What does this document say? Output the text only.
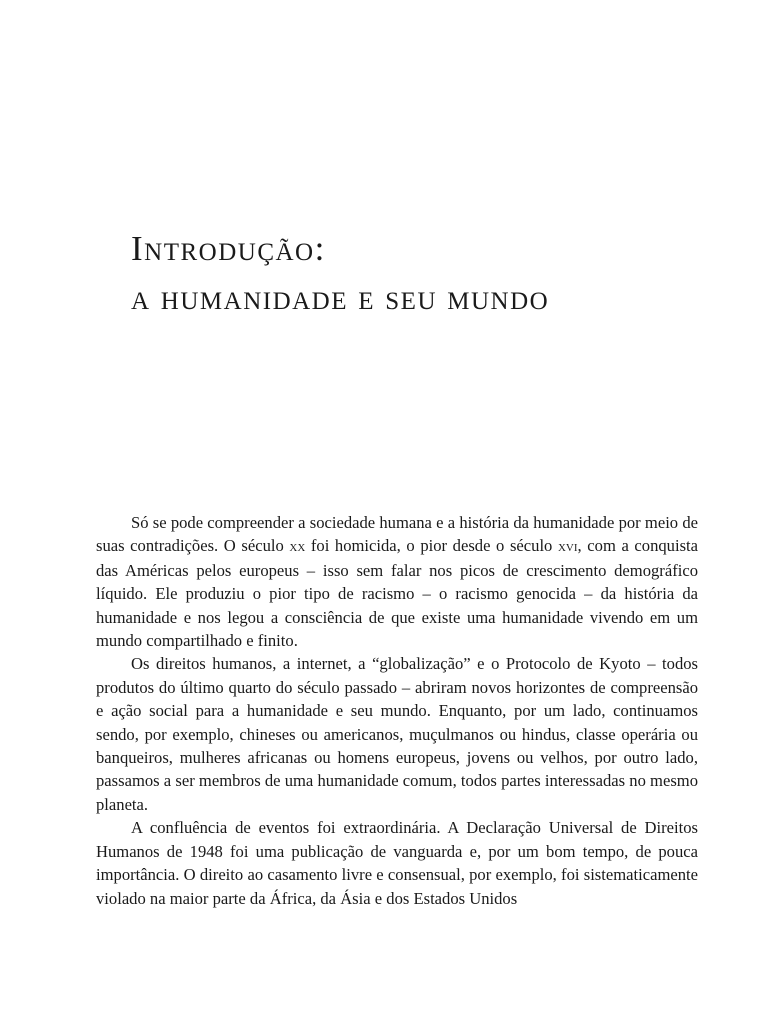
Introdução:
a humanidade e seu mundo

Só se pode compreender a sociedade humana e a história da humanidade por meio de suas contradições. O século xx foi homicida, o pior desde o século xvi, com a conquista das Américas pelos europeus – isso sem falar nos picos de crescimento demográfico líquido. Ele produziu o pior tipo de racismo – o racismo genocida – da história da humanidade e nos legou a consciência de que existe uma humanidade vivendo em um mundo compartilhado e finito.

Os direitos humanos, a internet, a “globalização” e o Protocolo de Kyoto – todos produtos do último quarto do século passado – abriram novos horizontes de compreensão e ação social para a humanidade e seu mundo. Enquanto, por um lado, continuamos sendo, por exemplo, chineses ou americanos, muçulmanos ou hindus, classe operária ou banqueiros, mulheres africanas ou homens europeus, jovens ou velhos, por outro lado, passamos a ser membros de uma humanidade comum, todos partes interessadas no mesmo planeta.

A confluência de eventos foi extraordinária. A Declaração Universal de Direitos Humanos de 1948 foi uma publicação de vanguarda e, por um bom tempo, de pouca importância. O direito ao casamento livre e consensual, por exemplo, foi sistematicamente violado na maior parte da África, da Ásia e dos Estados Unidos
